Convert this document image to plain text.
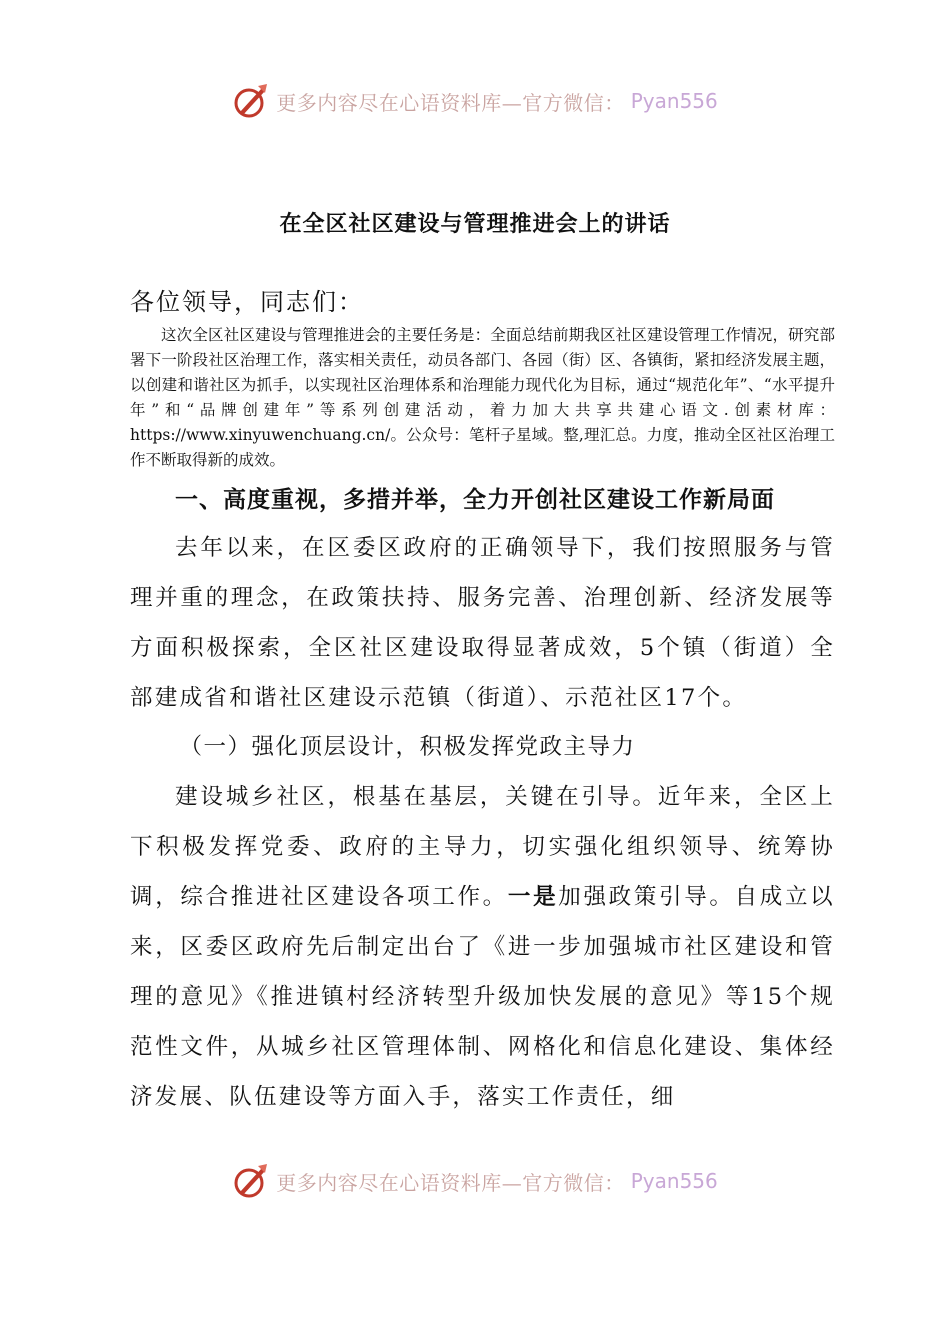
更多内容尽在心语资料库—官方微信： Pyan556
在全区社区建设与管理推进会上的讲话
各位领导，同志们：
这次全区社区建设与管理推进会的主要任务是：全面总结前期我区社区建设管理工作情况，研究部署下一阶段社区治理工作，落实相关责任，动员各部门、各园（街）区、各镇街，紧扣经济发展主题，以创建和谐社区为抓手，以实现社区治理体系和治理能力现代化为目标，通过“规范化年”、“水平提升年”和“品牌创建年”等系列创建活动，着力加大共享共建心语文.创素材库：https://www.xinyuwenchuang.cn/。公众号：笔杆子星域。整,理汇总。力度，推动全区社区治理工作不断取得新的成效。
一、高度重视，多措并举，全力开创社区建设工作新局面
去年以来，在区委区政府的正确领导下，我们按照服务与管理并重的理念，在政策扶持、服务完善、治理创新、经济发展等方面积极探索，全区社区建设取得显著成效，5个镇（街道）全部建成省和谐社区建设示范镇（街道）、示范社区17个。
（一）强化顶层设计，积极发挥党政主导力
建设城乡社区，根基在基层，关键在引导。近年来，全区上下积极发挥党委、政府的主导力，切实强化组织领导、统筹协调，综合推进社区建设各项工作。一是加强政策引导。自成立以来，区委区政府先后制定出台了《进一步加强城市社区建设和管理的意见》《推进镇村经济转型升级加快发展的意见》等15个规范性文件，从城乡社区管理体制、网格化和信息化建设、集体经济发展、队伍建设等方面入手，落实工作责任，细
更多内容尽在心语资料库—官方微信： Pyan556
